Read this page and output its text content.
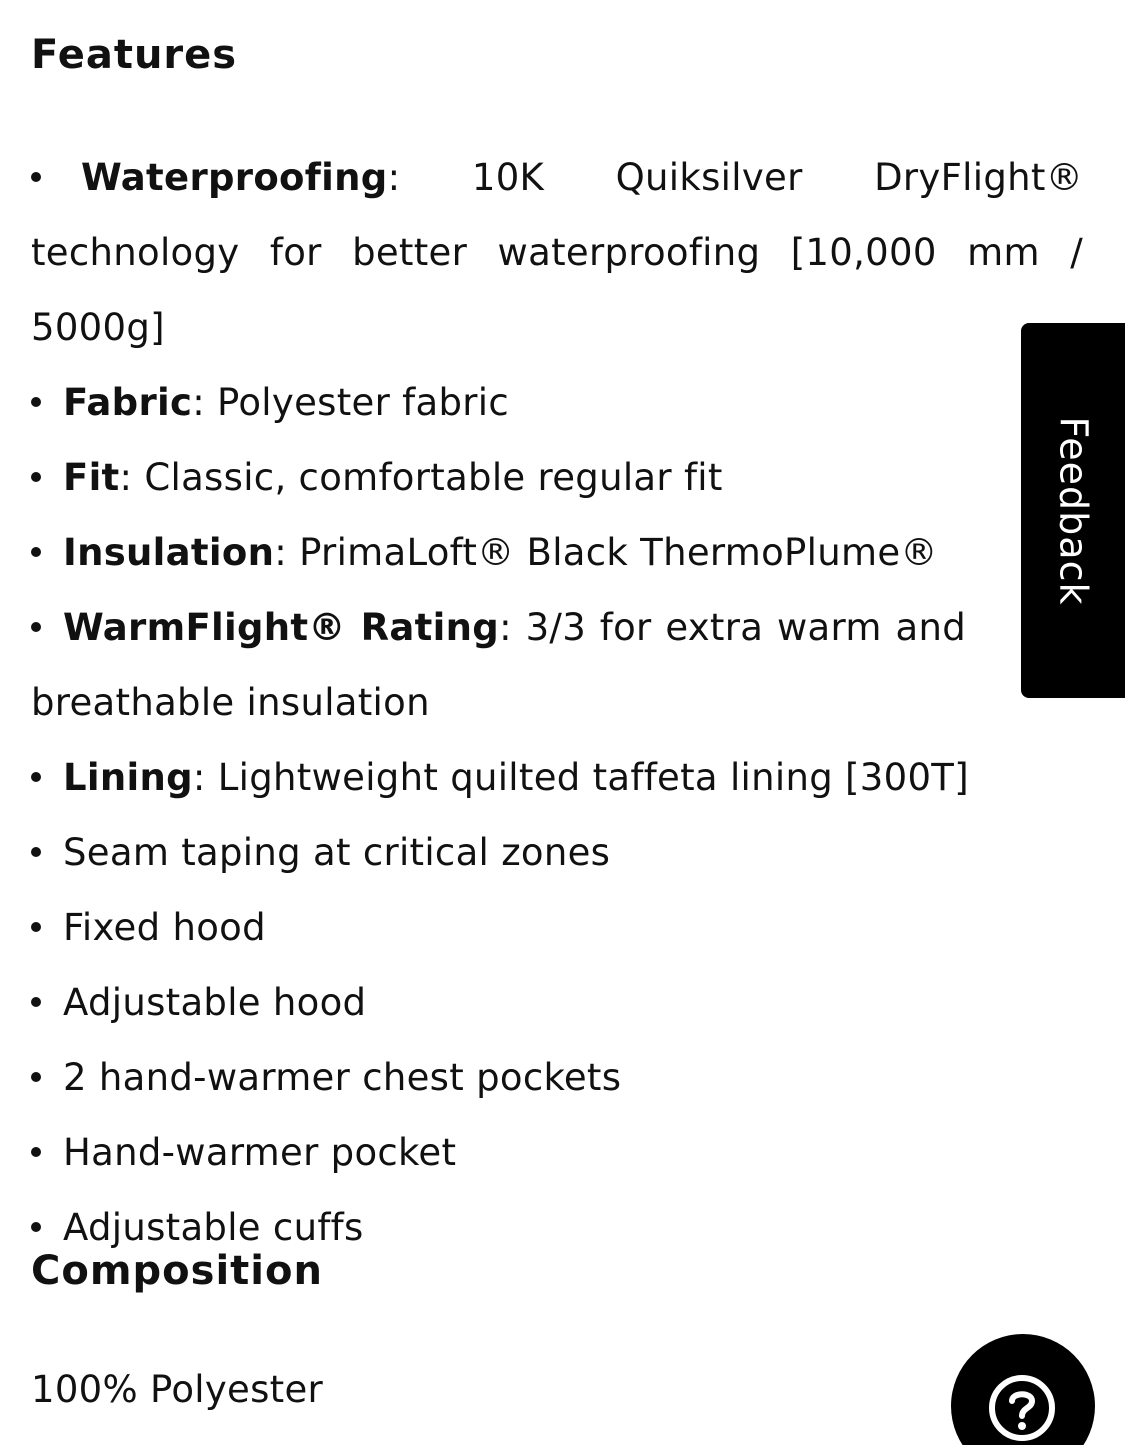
Features
Waterproofing: 10K Quiksilver DryFlight® technology for better waterproofing [10,000 mm / 5000g]
Fabric: Polyester fabric
Fit: Classic, comfortable regular fit
Insulation: PrimaLoft® Black ThermoPlume®
WarmFlight® Rating: 3/3 for extra warm and breathable insulation
Lining: Lightweight quilted taffeta lining [300T]
Seam taping at critical zones
Fixed hood
Adjustable hood
2 hand-warmer chest pockets
Hand-warmer pocket
Adjustable cuffs
Composition
100% Polyester
Feedback
